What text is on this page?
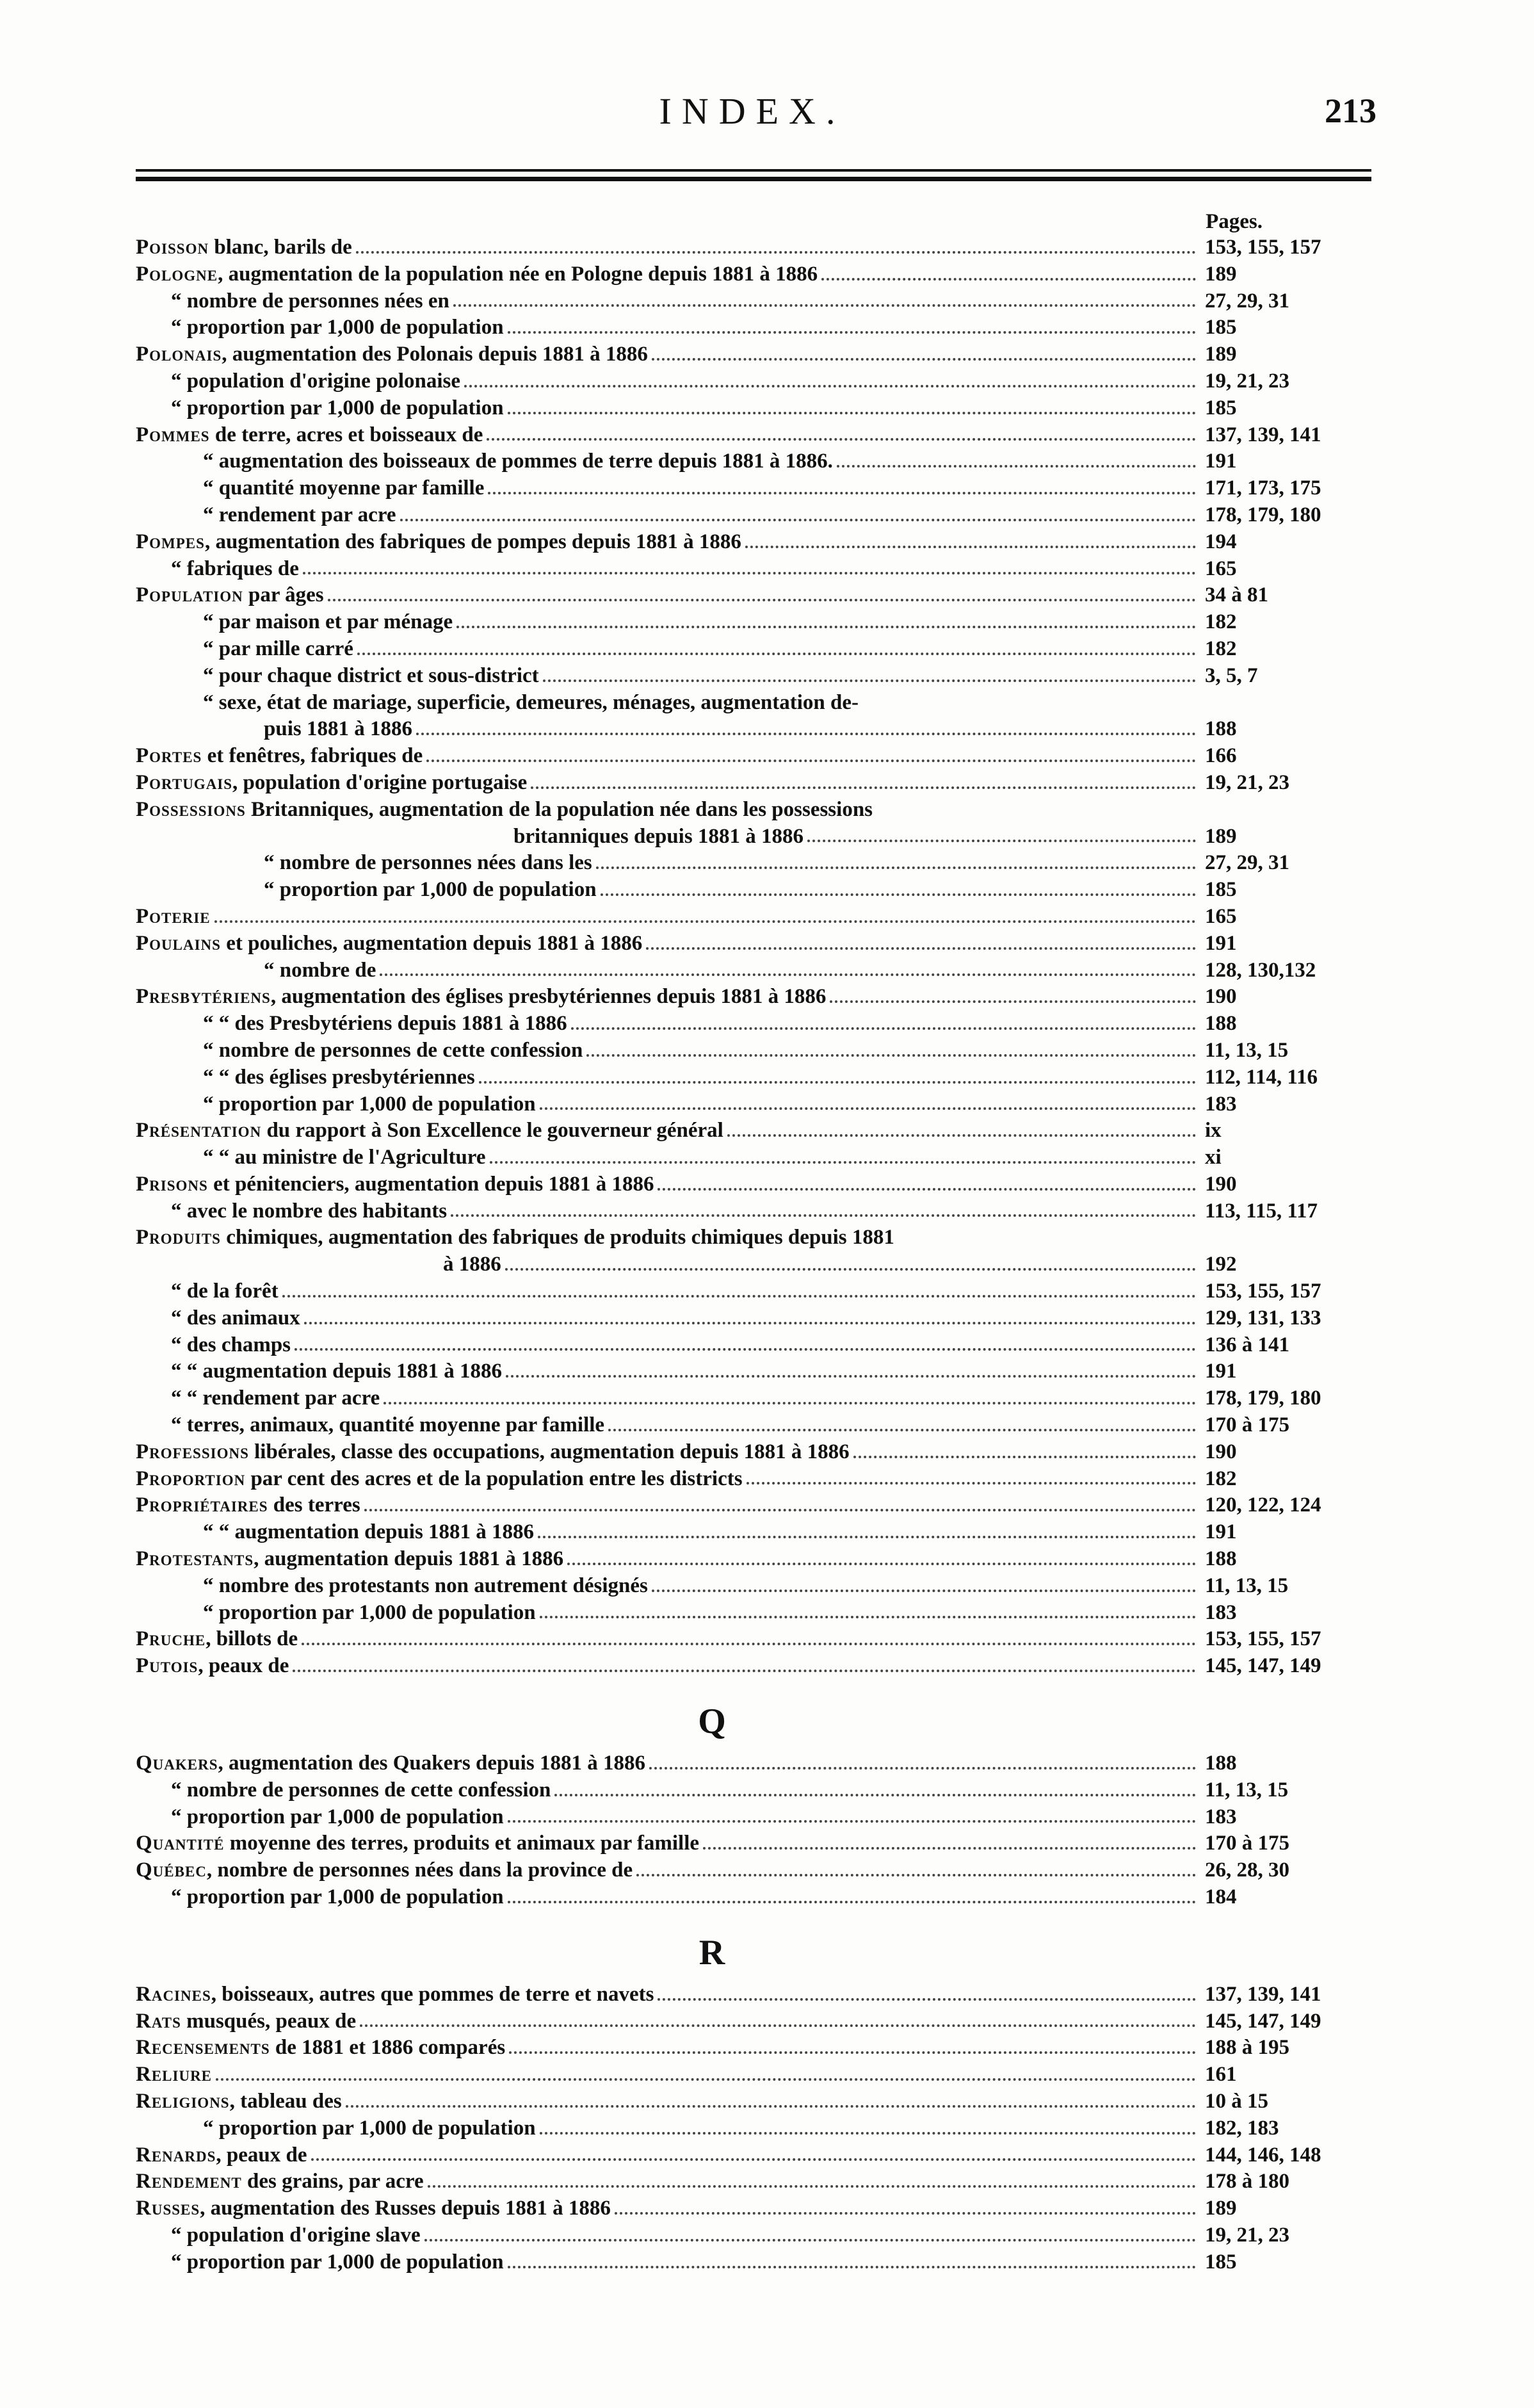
INDEX.	213
Pages.
Poisson blanc, barils de	153, 155, 157
Pologne, augmentation de la population née en Pologne depuis 1881 à 1886	189
“ nombre de personnes nées en	27, 29, 31
“ proportion par 1,000 de population	185
Polonais, augmentation des Polonais depuis 1881 à 1886	189
“ population d'origine polonaise	19, 21, 23
“ proportion par 1,000 de population	185
Pommes de terre, acres et boisseaux de	137, 139, 141
“ augmentation des boisseaux de pommes de terre depuis 1881 à 1886.	191
“ quantité moyenne par famille	171, 173, 175
“ rendement par acre	178, 179, 180
Pompes, augmentation des fabriques de pompes depuis 1881 à 1886	194
“ fabriques de	165
Population par âges	34 à 81
“ par maison et par ménage	182
“ par mille carré	182
“ pour chaque district et sous-district	3, 5, 7
“ sexe, état de mariage, superficie, demeures, ménages, augmentation de-
puis 1881 à 1886	188
Portes et fenêtres, fabriques de	166
Portugais, population d'origine portugaise	19, 21, 23
Possessions Britanniques, augmentation de la population née dans les possessions
britanniques depuis 1881 à 1886	189
“ nombre de personnes nées dans les	27, 29, 31
“ proportion par 1,000 de population	185
Poterie	165
Poulains et pouliches, augmentation depuis 1881 à 1886	191
“ nombre de	128, 130,132
Presbytériens, augmentation des églises presbytériennes depuis 1881 à 1886	190
“ “ des Presbytériens depuis 1881 à 1886	188
“ nombre de personnes de cette confession	11, 13, 15
“ “ des églises presbytériennes	112, 114, 116
“ proportion par 1,000 de population	183
Présentation du rapport à Son Excellence le gouverneur général	ix
“ “ au ministre de l'Agriculture	xi
Prisons et pénitenciers, augmentation depuis 1881 à 1886	190
“ avec le nombre des habitants	113, 115, 117
Produits chimiques, augmentation des fabriques de produits chimiques depuis 1881
à 1886	192
“ de la forêt	153, 155, 157
“ des animaux	129, 131, 133
“ des champs	136 à 141
“ “ augmentation depuis 1881 à 1886	191
“ “ rendement par acre	178, 179, 180
“ terres, animaux, quantité moyenne par famille	170 à 175
Professions libérales, classe des occupations, augmentation depuis 1881 à 1886	190
Proportion par cent des acres et de la population entre les districts	182
Propriétaires des terres	120, 122, 124
“ “ augmentation depuis 1881 à 1886	191
Protestants, augmentation depuis 1881 à 1886	188
“ nombre des protestants non autrement désignés	11, 13, 15
“ proportion par 1,000 de population	183
Pruche, billots de	153, 155, 157
Putois, peaux de	145, 147, 149
Q
Quakers, augmentation des Quakers depuis 1881 à 1886	188
“ nombre de personnes de cette confession	11, 13, 15
“ proportion par 1,000 de population	183
Quantité moyenne des terres, produits et animaux par famille	170 à 175
Québec, nombre de personnes nées dans la province de	26, 28, 30
“ proportion par 1,000 de population	184
R
Racines, boisseaux, autres que pommes de terre et navets	137, 139, 141
Rats musqués, peaux de	145, 147, 149
Recensements de 1881 et 1886 comparés	188 à 195
Reliure	161
Religions, tableau des	10 à 15
“ proportion par 1,000 de population	182, 183
Renards, peaux de	144, 146, 148
Rendement des grains, par acre	178 à 180
Russes, augmentation des Russes depuis 1881 à 1886	189
“ population d'origine slave	19, 21, 23
“ proportion par 1,000 de population	185
